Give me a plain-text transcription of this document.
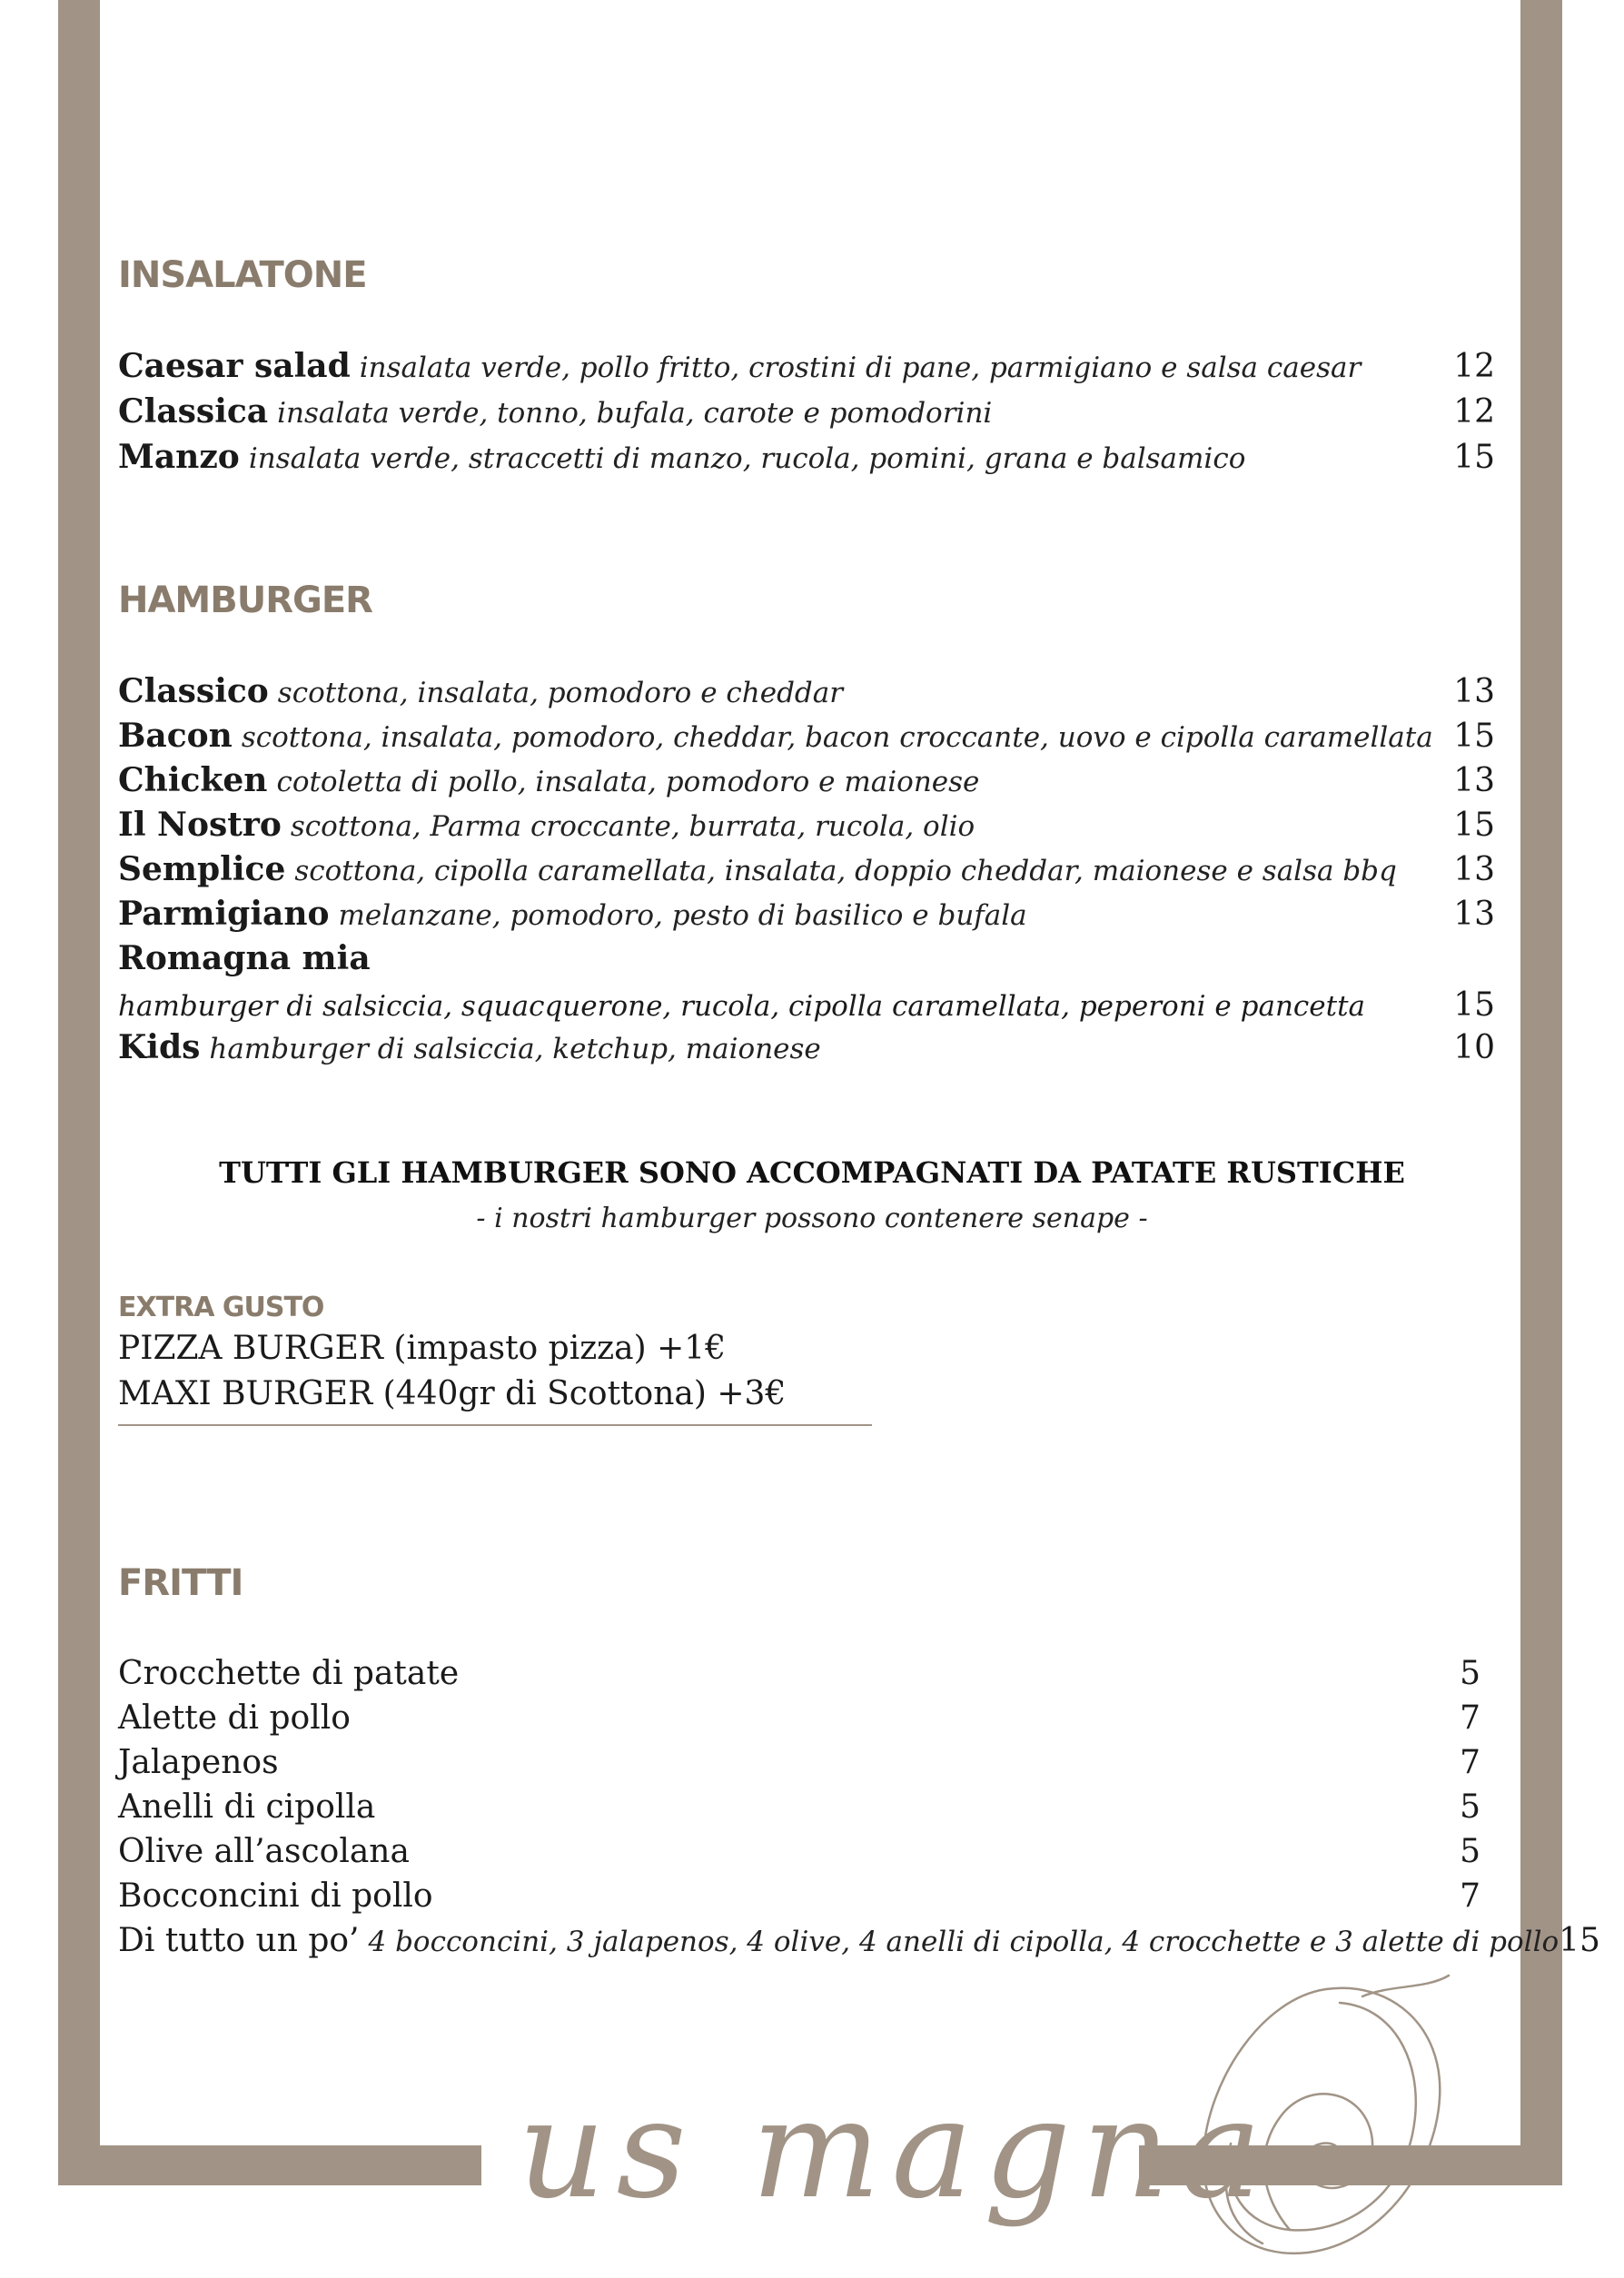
INSALATONE
Caesar salad insalata verde, pollo fritto, crostini di pane, parmigiano e salsa caesar	12
Classica insalata verde, tonno, bufala, carote e pomodorini	12
Manzo insalata verde, straccetti di manzo, rucola, pomini, grana e balsamico	15
HAMBURGER
Classico scottona, insalata, pomodoro e cheddar	13
Bacon scottona, insalata, pomodoro, cheddar, bacon croccante, uovo e cipolla caramellata 15
Chicken cotoletta di pollo, insalata, pomodoro e maionese	13
Il Nostro scottona, Parma croccante, burrata, rucola, olio	15
Semplice scottona, cipolla caramellata, insalata, doppio cheddar, maionese e salsa bbq 13
Parmigiano melanzane, pomodoro, pesto di basilico e bufala	13
Romagna mia
hamburger di salsiccia, squacquerone, rucola, cipolla caramellata, peperoni e pancetta	15
Kids hamburger di salsiccia, ketchup, maionese	10
TUTTI GLI HAMBURGER SONO ACCOMPAGNATI DA PATATE RUSTICHE
- i nostri hamburger possono contenere senape -
EXTRA GUSTO
PIZZA BURGER (impasto pizza) +1€
MAXI BURGER (440gr di Scottona) +3€
FRITTI
Crocchette di patate	5
Alette di pollo	7
Jalapenos	7
Anelli di cipolla	5
Olive all’ascolana	5
Bocconcini di pollo	7
Di tutto un po’ 4 bocconcini, 3 jalapenos, 4 olive, 4 anelli di cipolla, 4 crocchette e 3 alette di pollo 15
us magna
